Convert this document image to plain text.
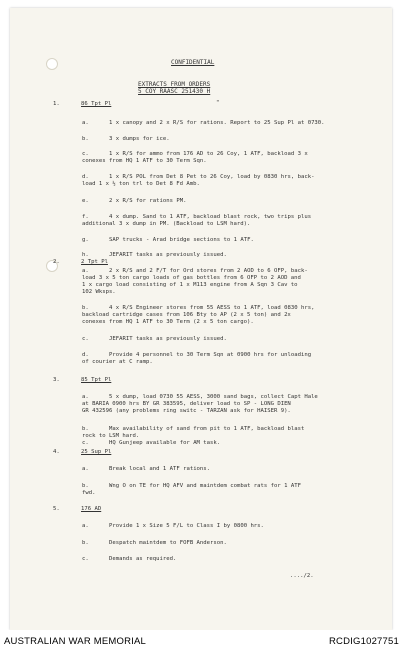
CONFIDENTIAL
EXTRACTS FROM ORDERS
5 COY RAASC 251430 H
"
1.	86 Tpt Pl
a.	1 x canopy and 2 x R/S for rations. Report to 25 Sup Pl at 0730.
b.	3 x dumps for ice.
c.	1 x R/S for ammo from 176 AD to 26 Coy, 1 ATF, backload 3 x
conexes from HQ 1 ATF to 30 Term Sqn.
d.	1 x R/S POL from Det 8 Pet to 26 Coy, load by 0830 hrs, back-
load 1 x ½ ton trl to Det 8 Fd Amb.
e.	2 x R/S for rations PM.
f.	4 x dump. Sand to 1 ATF, backload blast rock, two trips plus
additional 3 x dump in PM. (Backload to LSM hard).
g.	SAP trucks - Arad bridge sections to 1 ATF.
h.	JEFARIT tasks as previously issued.
2.	2 Tpt Pl
a.	2 x R/S and 2 F/T for Ord stores from 2 AOD to 6 OFP, back-
load 3 x 5 ton cargo loads of gas bottles from 6 OFP to 2 AOD and
1 x cargo load consisting of 1 x M113 engine from A Sqn 3 Cav to
102 Wksps.
b.	4 x R/S Engineer stores from 55 AESS to 1 ATF, load 0830 hrs,
backload cartridge cases from 106 Bty to AP (2 x 5 ton) and 2x
conexes from HQ 1 ATF to 30 Term (2 x 5 ton cargo).
c.	JEFARIT tasks as previously issued.
d.	Provide 4 personnel to 30 Term Sqn at 0900 hrs for unloading
of courier at C ramp.
3.	85 Tpt Pl
a.	5 x dump, load 0730 55 AESS, 3000 sand bags, collect Capt Hale
at BARIA 0900 hrs BY GR 383595, deliver load to SP - LONG DIEN
GR 432596 (any problems ring switc - TARZAN ask for HAISER 9).
b.	Max availability of sand from pit to 1 ATF, backload blast
rock to LSM hard.
c.	HQ Gunjeep available for AM task.
4.	25 Sup Pl
a.	Break local and 1 ATF rations.
b.	Wng O on TE for HQ AFV and maintdem combat rats for 1 ATF
fwd.
5.	176 AD
a.	Provide 1 x Size 5 F/L to Class I by 0800 hrs.
b.	Despatch maintdem to FOFB Anderson.
c.	Demands as required.
..../2.
AUSTRALIAN WAR MEMORIAL	RCDIG1027751
